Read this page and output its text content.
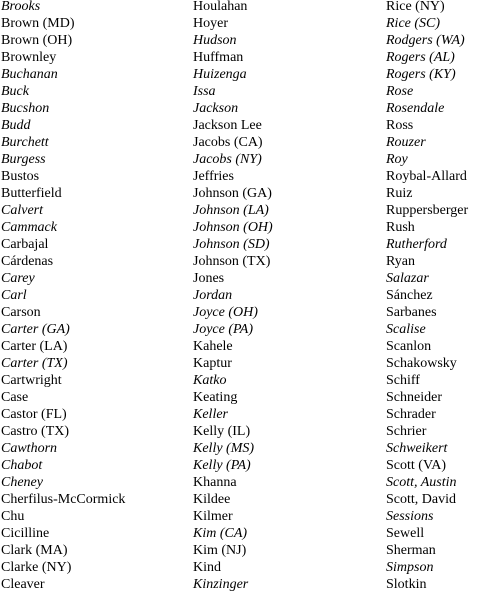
Brooks
Brown (MD)
Brown (OH)
Brownley
Buchanan
Buck
Bucshon
Budd
Burchett
Burgess
Bustos
Butterfield
Calvert
Cammack
Carbajal
Cárdenas
Carey
Carl
Carson
Carter (GA)
Carter (LA)
Carter (TX)
Cartwright
Case
Castor (FL)
Castro (TX)
Cawthorn
Chabot
Cheney
Cherfilus-McCormick
Chu
Cicilline
Clark (MA)
Clarke (NY)
Cleaver
Houlahan
Hoyer
Hudson
Huffman
Huizenga
Issa
Jackson
Jackson Lee
Jacobs (CA)
Jacobs (NY)
Jeffries
Johnson (GA)
Johnson (LA)
Johnson (OH)
Johnson (SD)
Johnson (TX)
Jones
Jordan
Joyce (OH)
Joyce (PA)
Kahele
Kaptur
Katko
Keating
Keller
Kelly (IL)
Kelly (MS)
Kelly (PA)
Khanna
Kildee
Kilmer
Kim (CA)
Kim (NJ)
Kind
Kinzinger
Rice (NY)
Rice (SC)
Rodgers (WA)
Rogers (AL)
Rogers (KY)
Rose
Rosendale
Ross
Rouzer
Roy
Roybal-Allard
Ruiz
Ruppersberger
Rush
Rutherford
Ryan
Salazar
Sánchez
Sarbanes
Scalise
Scanlon
Schakowsky
Schiff
Schneider
Schrader
Schrier
Schweikert
Scott (VA)
Scott, Austin
Scott, David
Sessions
Sewell
Sherman
Simpson
Slotkin
